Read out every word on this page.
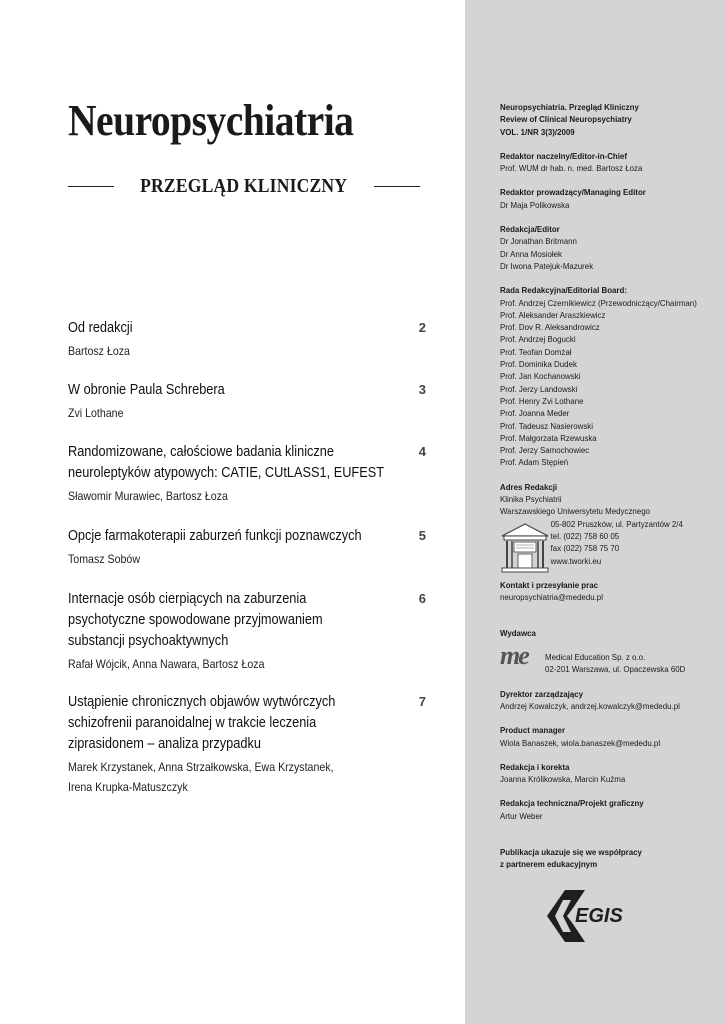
Neuropsychiatria
PRZEGLĄD KLINICZNY
Od redakcji	2
Bartosz Łoza
W obronie Paula Schrebera	3
Zvi Lothane
Randomizowane, całościowe badania kliniczne
neuroleptyków atypowych: CATIE, CUtLASS1, EUFEST
4
Sławomir Murawiec, Bartosz Łoza
Opcje farmakoterapii zaburzeń funkcji poznawczych	5
Tomasz Sobów
Internacje osób cierpiących na zaburzenia
psychotyczne spowodowane przyjmowaniem
substancji psychoaktywnych
6
Rafał Wójcik, Anna Nawara, Bartosz Łoza
Ustąpienie chronicznych objawów wytwórczych
schizofrenii paranoidalnej w trakcie leczenia
ziprasidonem – analiza przypadku
7
Marek Krzystanek, Anna Strzałkowska, Ewa Krzystanek,
Irena Krupka-Matuszczyk
Neuropsychiatria. Przegląd Kliniczny
Review of Clinical Neuropsychiatry
VOL. 1/NR 3(3)/2009
Redaktor naczelny/Editor-in-Chief
Prof. WUM dr hab. n. med. Bartosz Łoza
Redaktor prowadzący/Managing Editor
Dr Maja Polikowska
Redakcja/Editor
Dr Jonathan Britmann
Dr Anna Mosiołek
Dr Iwona Patejuk-Mazurek
Rada Redakcyjna/Editorial Board:
Prof. Andrzej Czernikiewicz (Przewodniczący/Chairman)
Prof. Aleksander Araszkiewicz
Prof. Dov R. Aleksandrowicz
Prof. Andrzej Bogucki
Prof. Teofan Domżał
Prof. Dominika Dudek
Prof. Jan Kochanowski
Prof. Jerzy Landowski
Prof. Henry Zvi Lothane
Prof. Joanna Meder
Prof. Tadeusz Nasierowski
Prof. Małgorzata Rzewuska
Prof. Jerzy Samochowiec
Prof. Adam Stępień
Adres Redakcji
Klinika Psychiatrii
Warszawskiego Uniwersytetu Medycznego
05-802 Pruszków, ul. Partyzantów 2/4
tel. (022) 758 60 05
fax (022) 758 75 70
www.tworki.eu
Kontakt i przesyłanie prac
neuropsychiatria@mededu.pl
Wydawca
me Medical Education Sp. z o.o.
02-201 Warszawa, ul. Opaczewska 60D
Dyrektor zarządzający
Andrzej Kowalczyk, andrzej.kowalczyk@mededu.pl
Product manager
Wiola Banaszek, wiola.banaszek@mededu.pl
Redakcja i korekta
Joanna Królikowska, Marcin Kuźma
Redakcja techniczna/Projekt graficzny
Artur Weber
Publikacja ukazuje się we współpracy
z partnerem edukacyjnym
EGIS
